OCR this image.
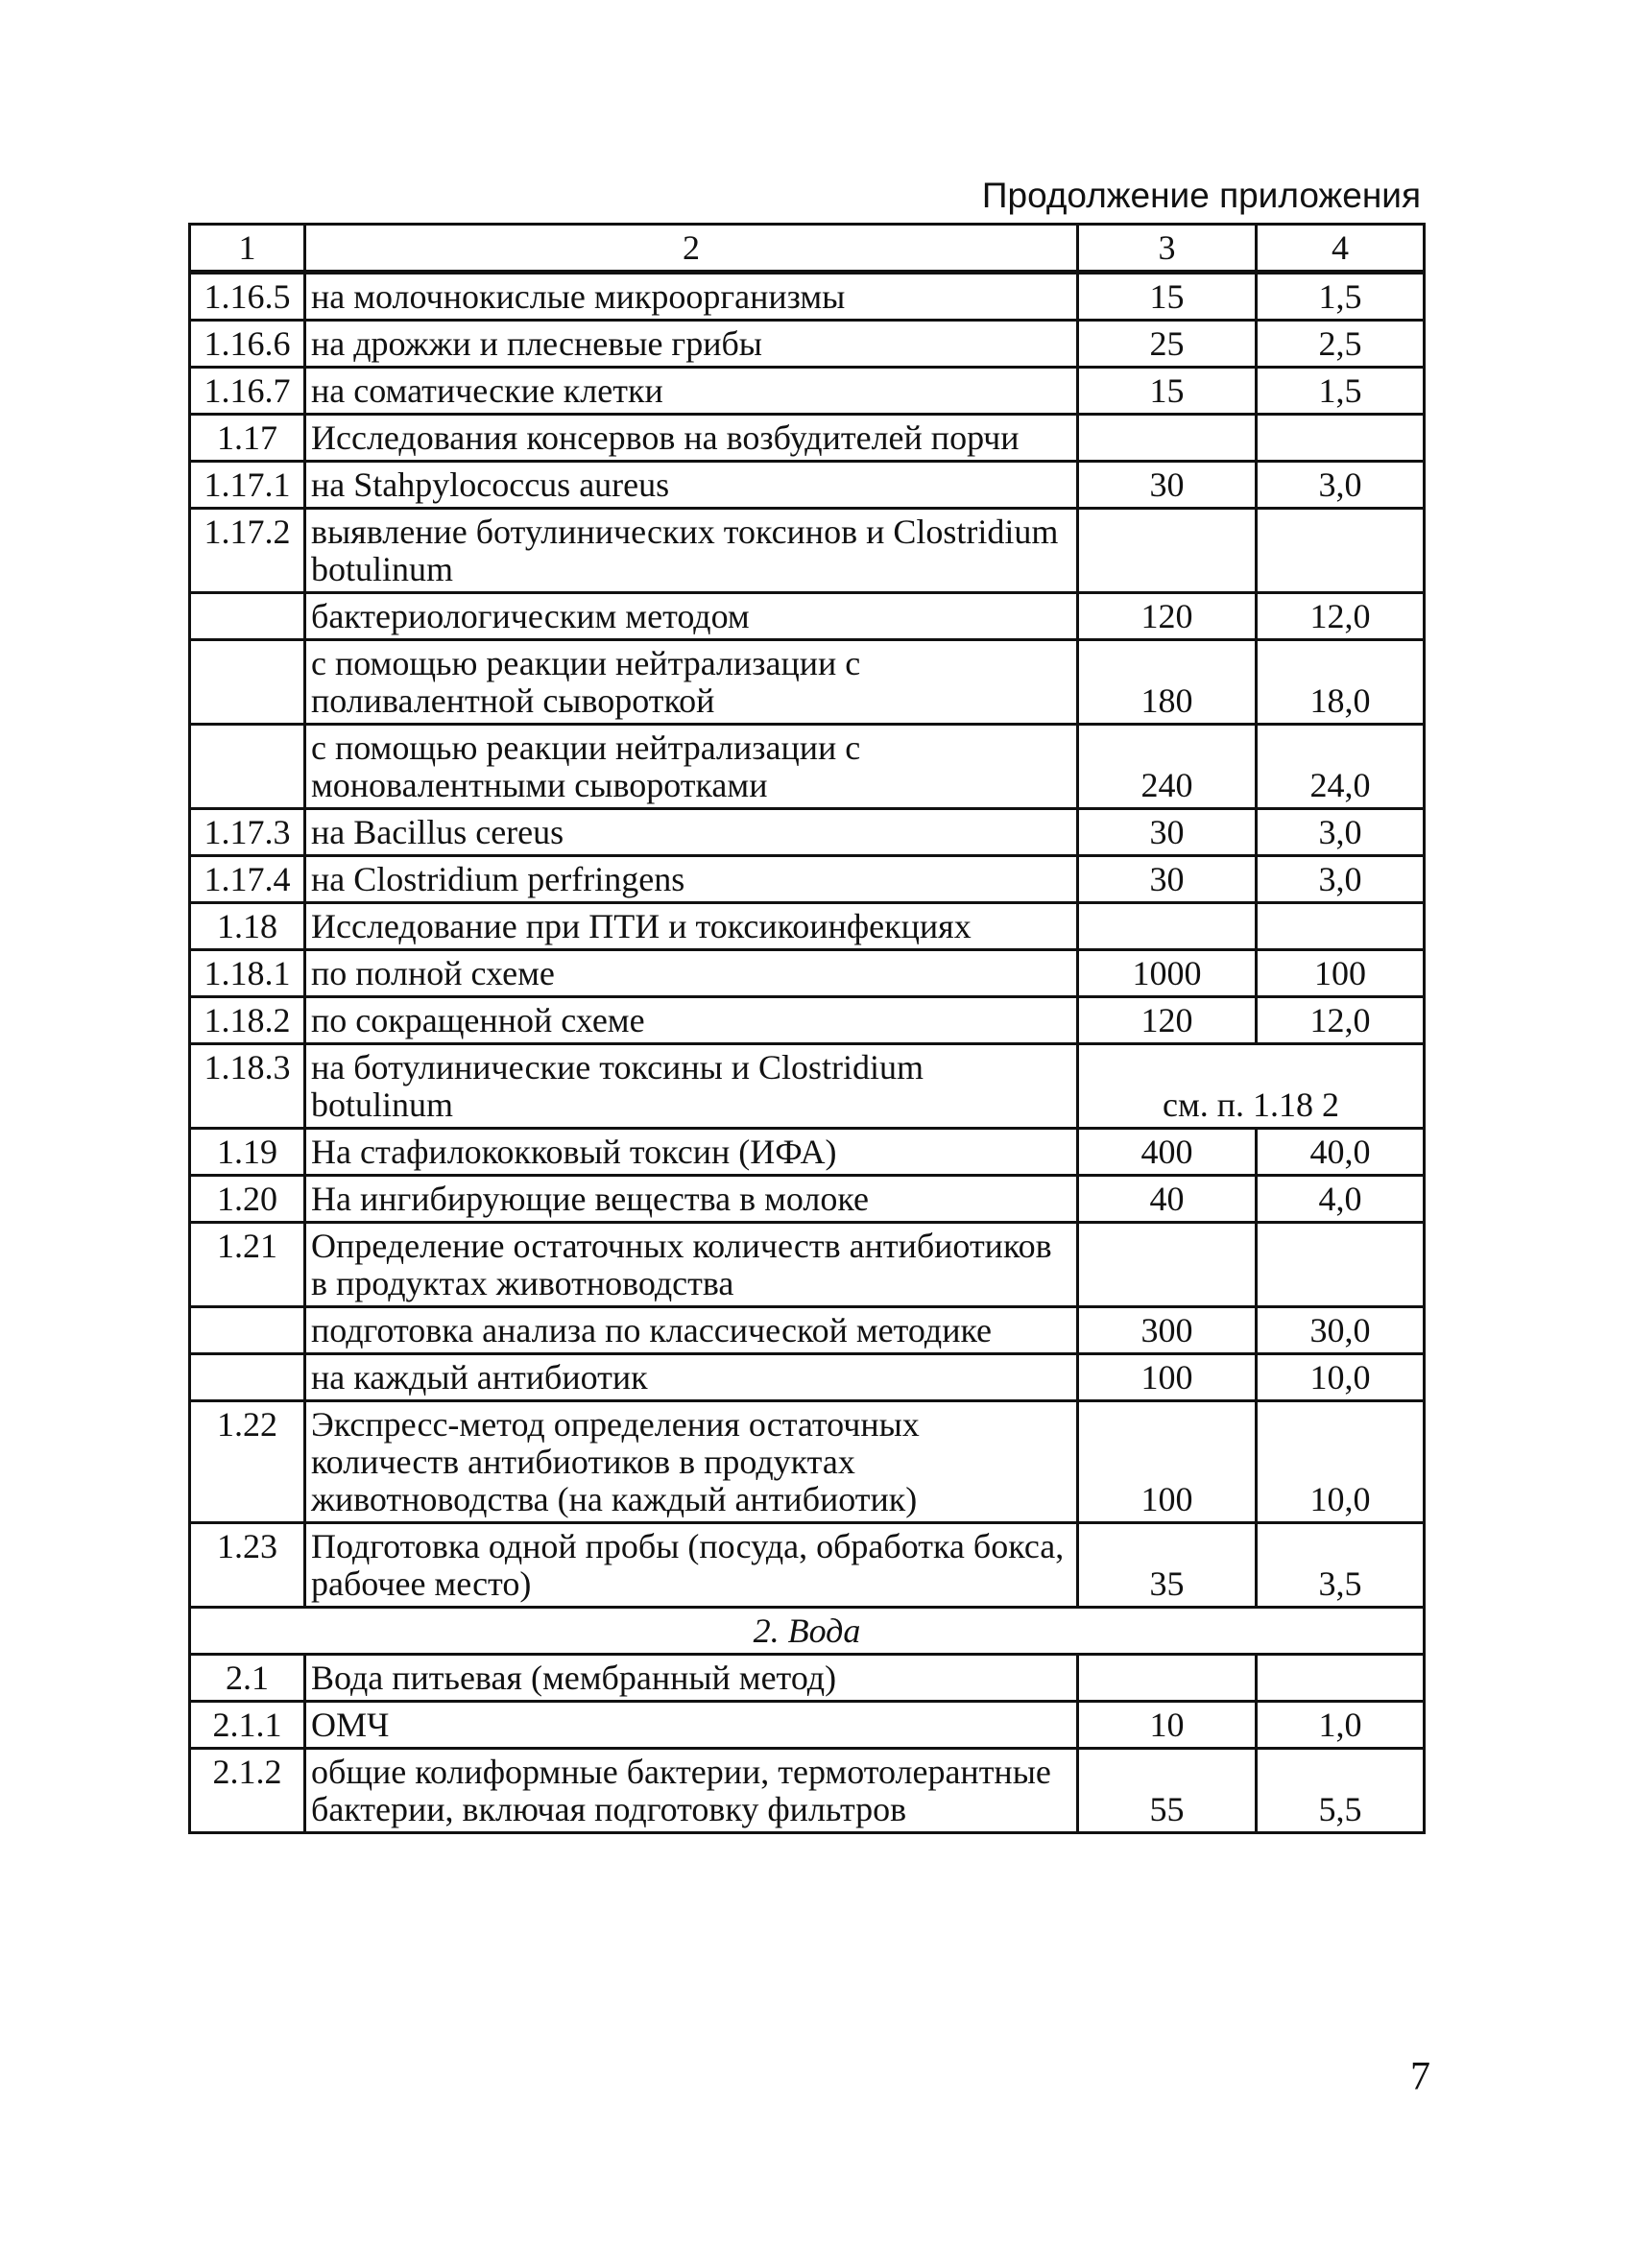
Продолжение приложения
1	2	3	4
1.16.5	на молочнокислые микроорганизмы	15	1,5
1.16.6	на дрожжи и плесневые грибы	25	2,5
1.16.7	на соматические клетки	15	1,5
1.17	Исследования консервов на возбудителей порчи		
1.17.1	на Stahpylococcus aureus	30	3,0
1.17.2	выявление ботулинических токсинов и Clostridium botulinum		
	бактериологическим методом	120	12,0
	с помощью реакции нейтрализации с поливалентной сывороткой	180	18,0
	с помощью реакции нейтрализации с моновалентными сыворотками	240	24,0
1.17.3	на Bacillus cereus	30	3,0
1.17.4	на Clostridium perfringens	30	3,0
1.18	Исследование при ПТИ и токсикоинфекциях		
1.18.1	по полной схеме	1000	100
1.18.2	по сокращенной схеме	120	12,0
1.18.3	на ботулинические токсины и Clostridium botulinum	см. п. 1.18 2	
1.19	На стафилококковый токсин (ИФА)	400	40,0
1.20	На ингибирующие вещества в молоке	40	4,0
1.21	Определение остаточных количеств антибиотиков в продуктах животноводства		
	подготовка анализа по классической методике	300	30,0
	на каждый антибиотик	100	10,0
1.22	Экспресс-метод определения остаточных количеств антибиотиков в продуктах животноводства (на каждый антибиотик)	100	10,0
1.23	Подготовка одной пробы (посуда, обработка бокса, рабочее место)	35	3,5
2. Вода			
2.1	Вода питьевая (мембранный метод)		
2.1.1	ОМЧ	10	1,0
2.1.2	общие колиформные бактерии, термотолерантные бактерии, включая подготовку фильтров	55	5,5
7
